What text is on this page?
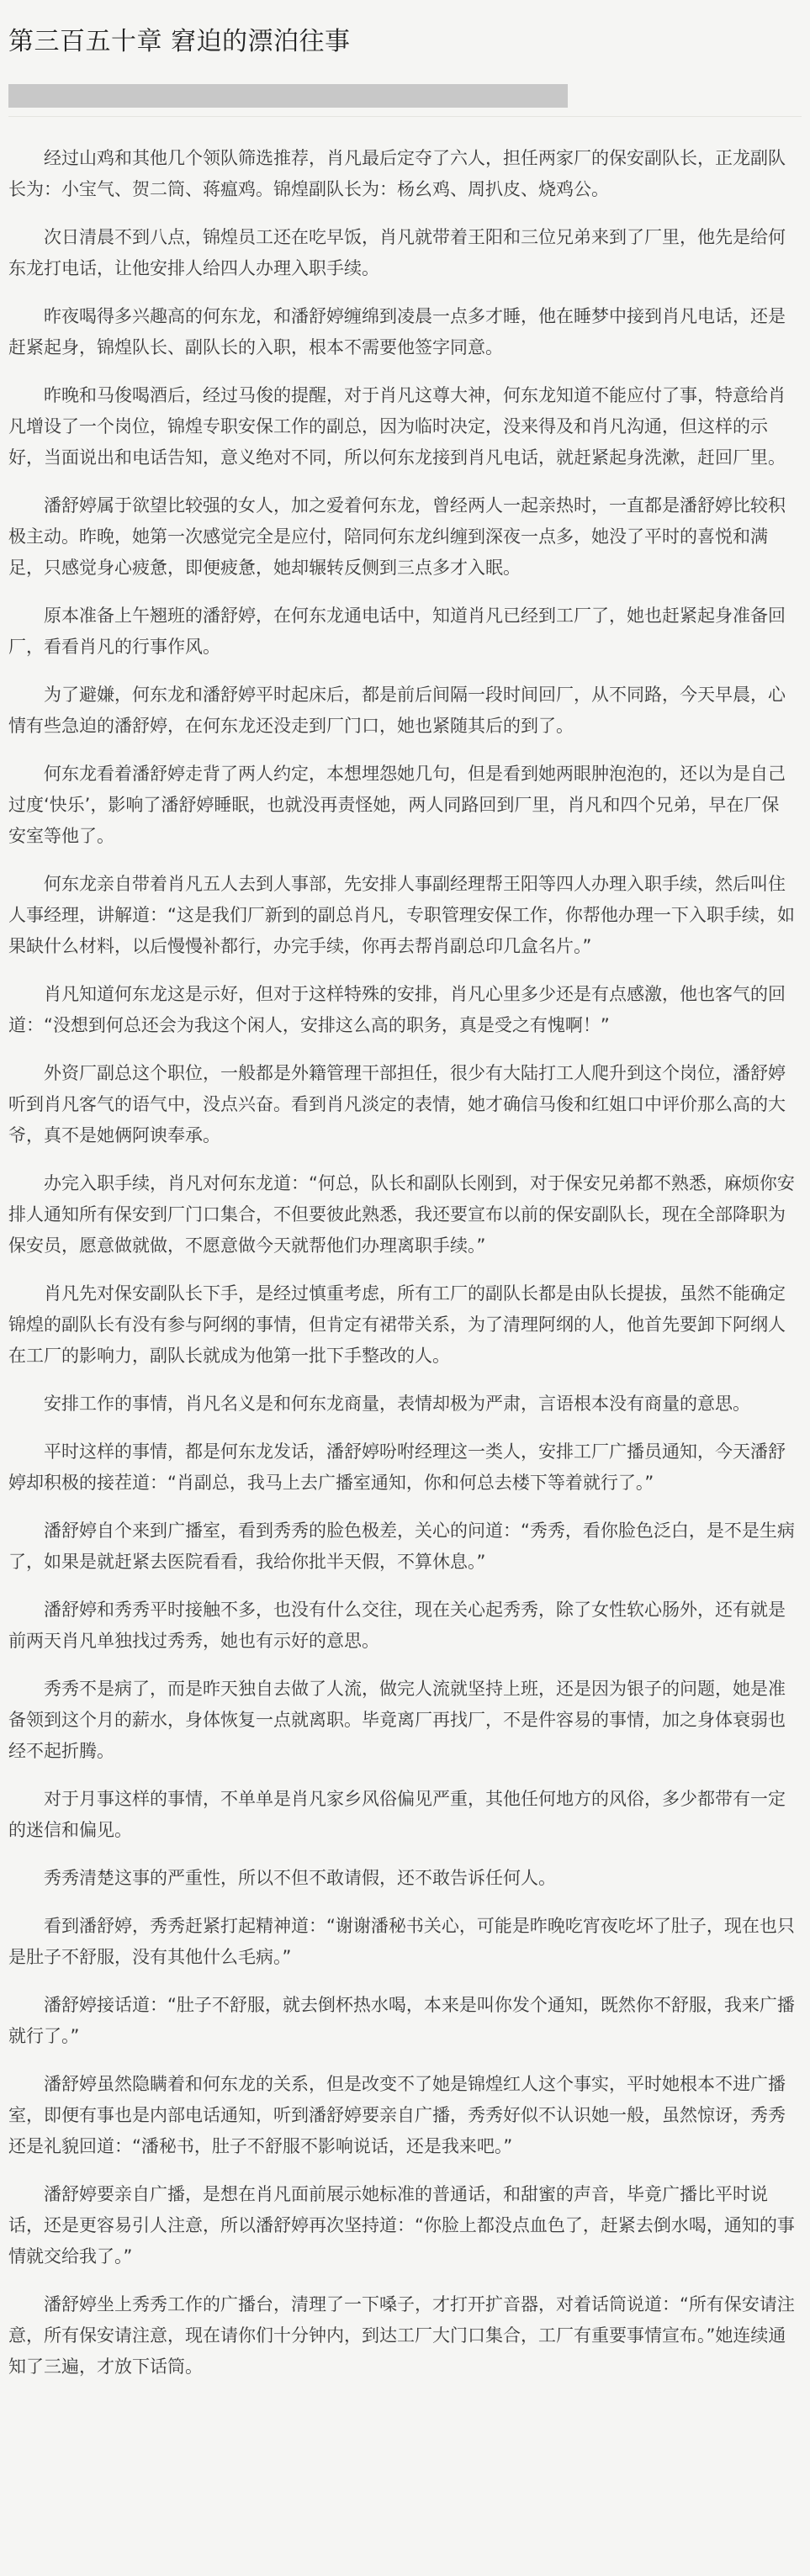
第三百五十章 窘迫的漂泊往事

经过山鸡和其他几个领队筛选推荐，肖凡最后定夺了六人，担任两家厂的保安副队长，正龙副队长为：小宝气、贺二筒、蒋瘟鸡。锦煌副队长为：杨幺鸡、周扒皮、烧鸡公。

次日清晨不到八点，锦煌员工还在吃早饭，肖凡就带着王阳和三位兄弟来到了厂里，他先是给何东龙打电话，让他安排人给四人办理入职手续。

昨夜喝得多兴趣高的何东龙，和潘舒婷缠绵到凌晨一点多才睡，他在睡梦中接到肖凡电话，还是赶紧起身，锦煌队长、副队长的入职，根本不需要他签字同意。

昨晚和马俊喝酒后，经过马俊的提醒，对于肖凡这尊大神，何东龙知道不能应付了事，特意给肖凡增设了一个岗位，锦煌专职安保工作的副总，因为临时决定，没来得及和肖凡沟通，但这样的示好，当面说出和电话告知，意义绝对不同，所以何东龙接到肖凡电话，就赶紧起身洗漱，赶回厂里。

潘舒婷属于欲望比较强的女人，加之爱着何东龙，曾经两人一起亲热时，一直都是潘舒婷比较积极主动。昨晚，她第一次感觉完全是应付，陪同何东龙纠缠到深夜一点多，她没了平时的喜悦和满足，只感觉身心疲惫，即便疲惫，她却辗转反侧到三点多才入眠。

原本准备上午翘班的潘舒婷，在何东龙通电话中，知道肖凡已经到工厂了，她也赶紧起身准备回厂，看看肖凡的行事作风。

为了避嫌，何东龙和潘舒婷平时起床后，都是前后间隔一段时间回厂，从不同路，今天早晨，心情有些急迫的潘舒婷，在何东龙还没走到厂门口，她也紧随其后的到了。

何东龙看着潘舒婷走背了两人约定，本想埋怨她几句，但是看到她两眼肿泡泡的，还以为是自己过度‘快乐’，影响了潘舒婷睡眠，也就没再责怪她，两人同路回到厂里，肖凡和四个兄弟，早在厂保安室等他了。

何东龙亲自带着肖凡五人去到人事部，先安排人事副经理帮王阳等四人办理入职手续，然后叫住人事经理，讲解道：“这是我们厂新到的副总肖凡，专职管理安保工作，你帮他办理一下入职手续，如果缺什么材料，以后慢慢补都行，办完手续，你再去帮肖副总印几盒名片。”

肖凡知道何东龙这是示好，但对于这样特殊的安排，肖凡心里多少还是有点感激，他也客气的回道：“没想到何总还会为我这个闲人，安排这么高的职务，真是受之有愧啊！”

外资厂副总这个职位，一般都是外籍管理干部担任，很少有大陆打工人爬升到这个岗位，潘舒婷听到肖凡客气的语气中，没点兴奋。看到肖凡淡定的表情，她才确信马俊和红姐口中评价那么高的大爷，真不是她俩阿谀奉承。

办完入职手续，肖凡对何东龙道：“何总，队长和副队长刚到，对于保安兄弟都不熟悉，麻烦你安排人通知所有保安到厂门口集合，不但要彼此熟悉，我还要宣布以前的保安副队长，现在全部降职为保安员，愿意做就做，不愿意做今天就帮他们办理离职手续。”

肖凡先对保安副队长下手，是经过慎重考虑，所有工厂的副队长都是由队长提拔，虽然不能确定锦煌的副队长有没有参与阿纲的事情，但肯定有裙带关系，为了清理阿纲的人，他首先要卸下阿纲人在工厂的影响力，副队长就成为他第一批下手整改的人。

安排工作的事情，肖凡名义是和何东龙商量，表情却极为严肃，言语根本没有商量的意思。

平时这样的事情，都是何东龙发话，潘舒婷吩咐经理这一类人，安排工厂广播员通知，今天潘舒婷却积极的接茬道：“肖副总，我马上去广播室通知，你和何总去楼下等着就行了。”

潘舒婷自个来到广播室，看到秀秀的脸色极差，关心的问道：“秀秀，看你脸色泛白，是不是生病了，如果是就赶紧去医院看看，我给你批半天假，不算休息。”

潘舒婷和秀秀平时接触不多，也没有什么交往，现在关心起秀秀，除了女性软心肠外，还有就是前两天肖凡单独找过秀秀，她也有示好的意思。

秀秀不是病了，而是昨天独自去做了人流，做完人流就坚持上班，还是因为银子的问题，她是准备领到这个月的薪水，身体恢复一点就离职。毕竟离厂再找厂，不是件容易的事情，加之身体衰弱也经不起折腾。

对于月事这样的事情，不单单是肖凡家乡风俗偏见严重，其他任何地方的风俗，多少都带有一定的迷信和偏见。

秀秀清楚这事的严重性，所以不但不敢请假，还不敢告诉任何人。

看到潘舒婷，秀秀赶紧打起精神道：“谢谢潘秘书关心，可能是昨晚吃宵夜吃坏了肚子，现在也只是肚子不舒服，没有其他什么毛病。”

潘舒婷接话道：“肚子不舒服，就去倒杯热水喝，本来是叫你发个通知，既然你不舒服，我来广播就行了。”

潘舒婷虽然隐瞒着和何东龙的关系，但是改变不了她是锦煌红人这个事实，平时她根本不进广播室，即便有事也是内部电话通知，听到潘舒婷要亲自广播，秀秀好似不认识她一般，虽然惊讶，秀秀还是礼貌回道：“潘秘书，肚子不舒服不影响说话，还是我来吧。”

潘舒婷要亲自广播，是想在肖凡面前展示她标准的普通话，和甜蜜的声音，毕竟广播比平时说话，还是更容易引人注意，所以潘舒婷再次坚持道：“你脸上都没点血色了，赶紧去倒水喝，通知的事情就交给我了。”

潘舒婷坐上秀秀工作的广播台，清理了一下嗓子，才打开扩音器，对着话筒说道：“所有保安请注意，所有保安请注意，现在请你们十分钟内，到达工厂大门口集合，工厂有重要事情宣布。”她连续通知了三遍，才放下话筒。
